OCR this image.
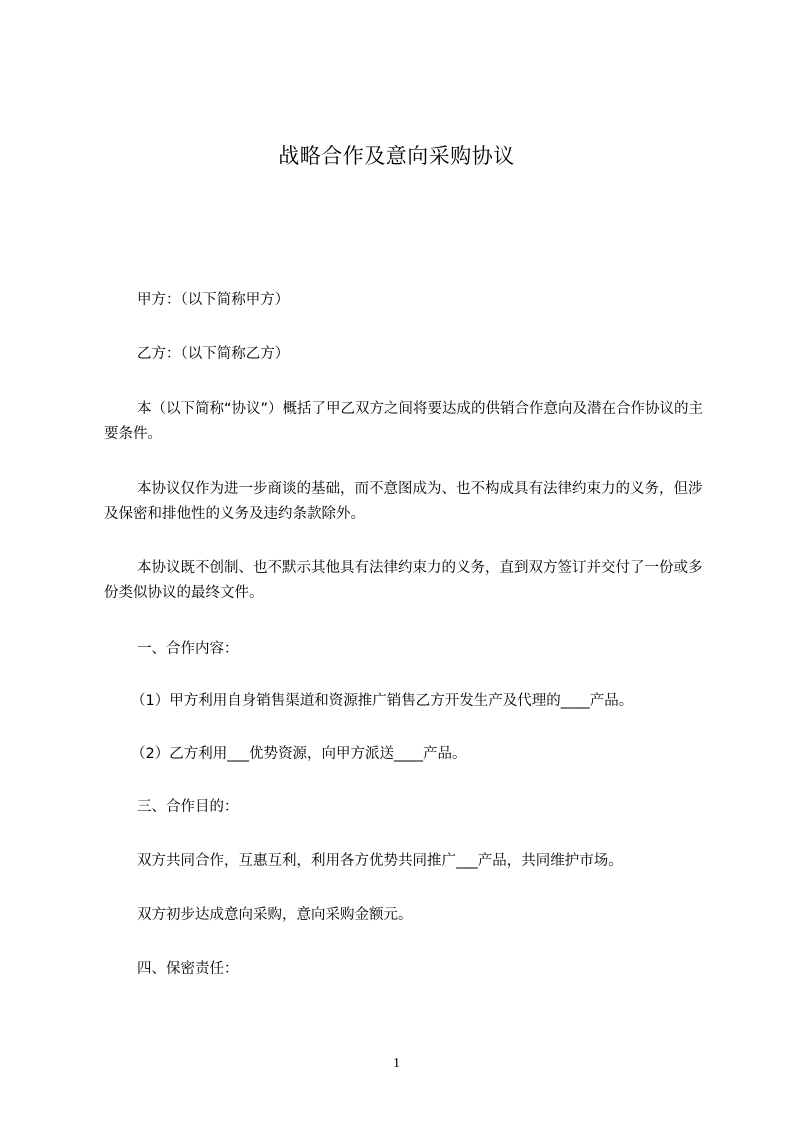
战略合作及意向采购协议
甲方：（以下简称甲方）
乙方：（以下简称乙方）
本（以下简称“协议”）概括了甲乙双方之间将要达成的供销合作意向及潜在合作协议的主要条件。
本协议仅作为进一步商谈的基础，而不意图成为、也不构成具有法律约束力的义务，但涉及保密和排他性的义务及违约条款除外。
本协议既不创制、也不默示其他具有法律约束力的义务，直到双方签订并交付了一份或多份类似协议的最终文件。
一、合作内容：
（1）甲方利用自身销售渠道和资源推广销售乙方开发生产及代理的____产品。
（2）乙方利用___优势资源，向甲方派送____产品。
三、合作目的：
双方共同合作，互惠互利，利用各方优势共同推广___产品，共同维护市场。
双方初步达成意向采购，意向采购金额元。
四、保密责任：
1
